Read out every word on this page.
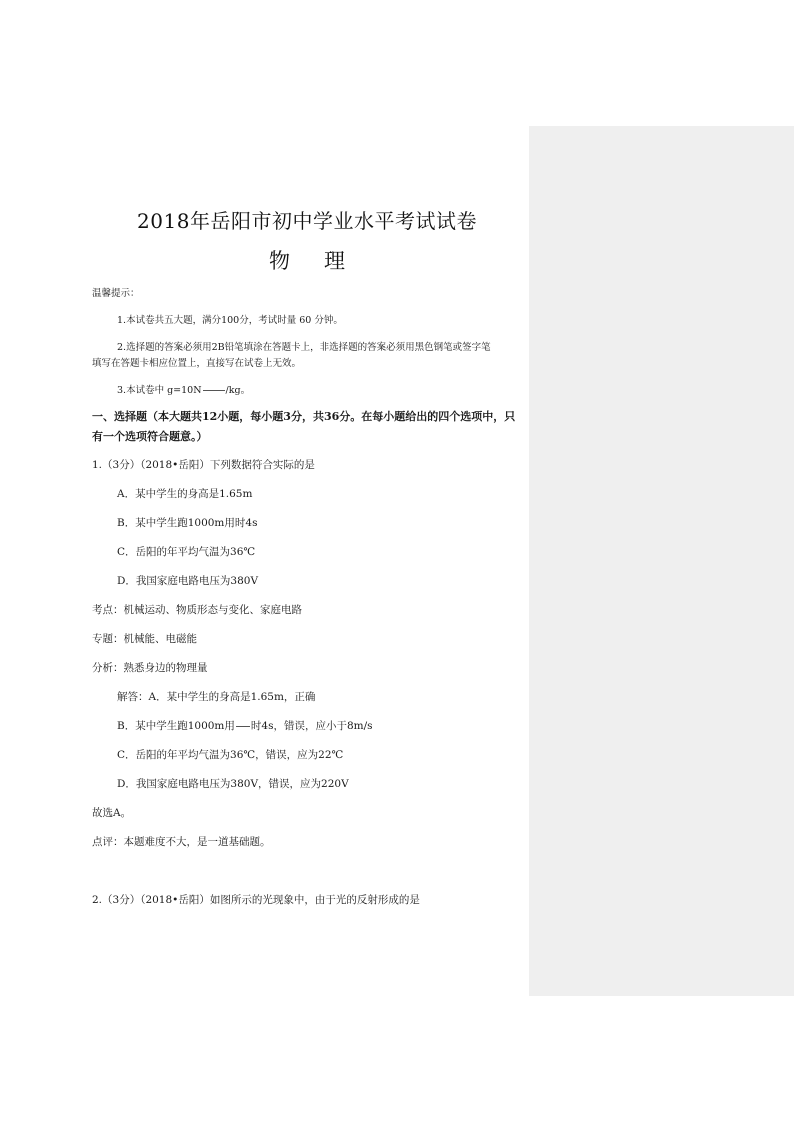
2018年岳阳市初中学业水平考试试卷
物 理
温馨提示：
1.本试卷共五大题，满分100分，考试时量 60 分钟。
2.选择题的答案必须用2B铅笔填涂在答题卡上，非选择题的答案必须用黑色钢笔或签字笔
填写在答题卡相应位置上，直接写在试卷上无效。
3.本试卷中 g=10N	/kg。
一、选择题（本大题共12小题，每小题3分，共36分。在每小题给出的四个选项中，只
有一个选项符合题意。）
1.（3分）（2018•岳阳）下列数据符合实际的是
A．某中学生的身高是1.65m
B．某中学生跑1000m用时4s
C．岳阳的年平均气温为36℃
D．我国家庭电路电压为380V
考点：机械运动、物质形态与变化、家庭电路
专题：机械能、电磁能
分析：熟悉身边的物理量
解答：A．某中学生的身高是1.65m，正确
B．某中学生跑1000m用 时4s，错误，应小于8m/s
C．岳阳的年平均气温为36℃，错误，应为22℃
D．我国家庭电路电压为380V，错误，应为220V
故选A。
点评：本题难度不大，是一道基础题。
2.（3分）（2018•岳阳）如图所示的光现象中，由于光的反射形成的是
